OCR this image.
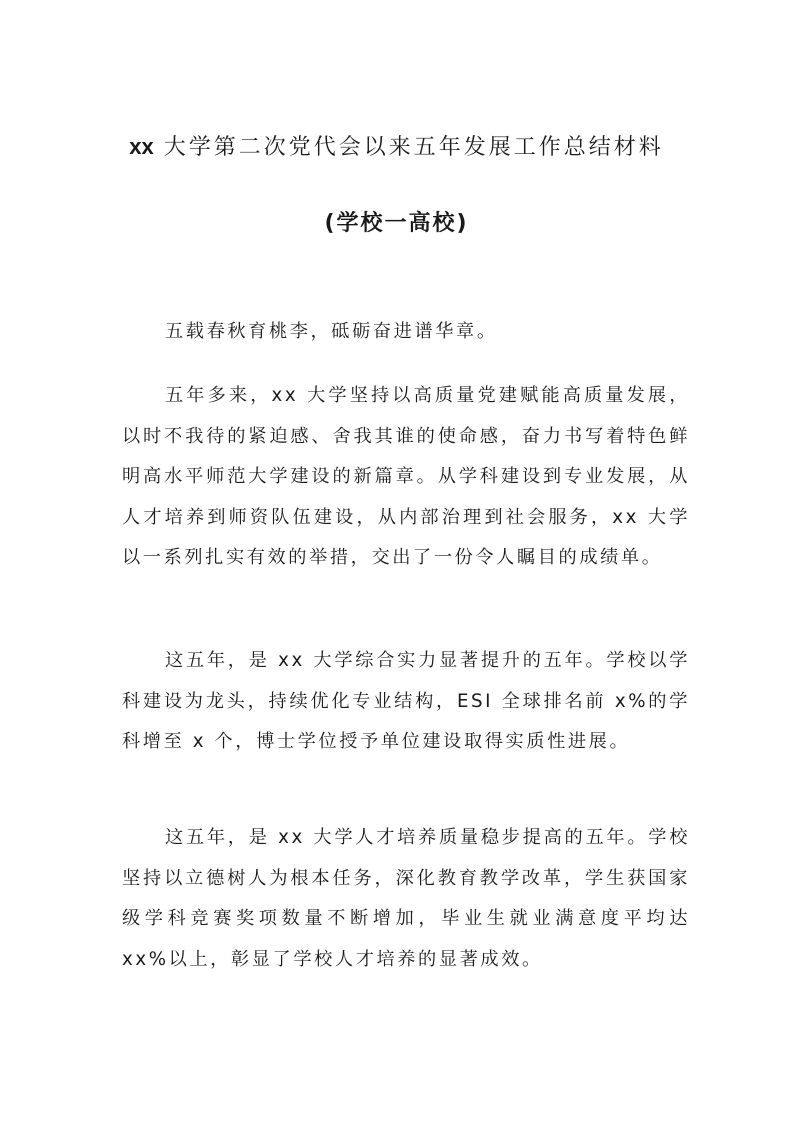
xx 大学第二次党代会以来五年发展工作总结材料
(学校一高校)

五载春秋育桃李，砥砺奋进谱华章。

五年多来，xx 大学坚持以高质量党建赋能高质量发展，以时不我待的紧迫感、舍我其谁的使命感，奋力书写着特色鲜明高水平师范大学建设的新篇章。从学科建设到专业发展，从人才培养到师资队伍建设，从内部治理到社会服务，xx 大学以一系列扎实有效的举措，交出了一份令人瞩目的成绩单。

这五年，是 xx 大学综合实力显著提升的五年。学校以学科建设为龙头，持续优化专业结构，ESI 全球排名前 x%的学科增至 x 个，博士学位授予单位建设取得实质性进展。

这五年，是 xx 大学人才培养质量稳步提高的五年。学校坚持以立德树人为根本任务，深化教育教学改革，学生获国家级学科竞赛奖项数量不断增加，毕业生就业满意度平均达 xx%以上，彰显了学校人才培养的显著成效。
